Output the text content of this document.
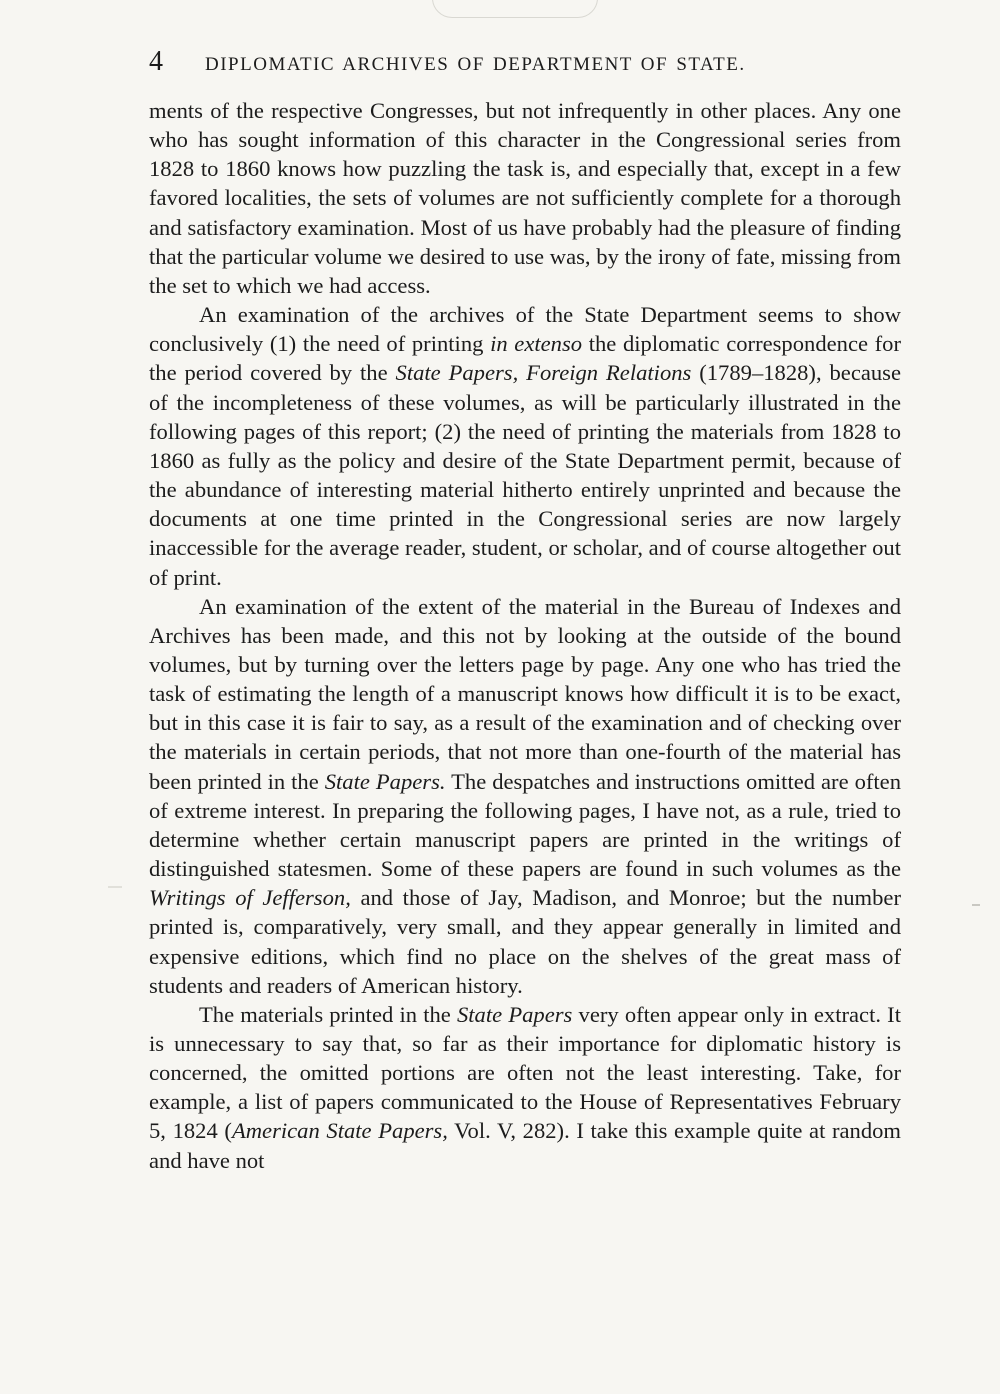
4	DIPLOMATIC ARCHIVES OF DEPARTMENT OF STATE.

ments of the respective Congresses, but not infrequently in other places. Any one who has sought information of this character in the Congressional series from 1828 to 1860 knows how puzzling the task is, and especially that, except in a few favored localities, the sets of volumes are not sufficiently complete for a thorough and satisfactory examination. Most of us have probably had the pleasure of finding that the particular volume we desired to use was, by the irony of fate, missing from the set to which we had access.

An examination of the archives of the State Department seems to show conclusively (1) the need of printing in extenso the diplomatic correspondence for the period covered by the State Papers, Foreign Relations (1789–1828), because of the incompleteness of these volumes, as will be particularly illustrated in the following pages of this report; (2) the need of printing the materials from 1828 to 1860 as fully as the policy and desire of the State Department permit, because of the abundance of interesting material hitherto entirely unprinted and because the documents at one time printed in the Congressional series are now largely inaccessible for the average reader, student, or scholar, and of course altogether out of print.

An examination of the extent of the material in the Bureau of Indexes and Archives has been made, and this not by looking at the outside of the bound volumes, but by turning over the letters page by page. Any one who has tried the task of estimating the length of a manuscript knows how difficult it is to be exact, but in this case it is fair to say, as a result of the examination and of checking over the materials in certain periods, that not more than one-fourth of the material has been printed in the State Papers. The despatches and instructions omitted are often of extreme interest. In preparing the following pages, I have not, as a rule, tried to determine whether certain manuscript papers are printed in the writings of distinguished statesmen. Some of these papers are found in such volumes as the Writings of Jefferson, and those of Jay, Madison, and Monroe; but the number printed is, comparatively, very small, and they appear generally in limited and expensive editions, which find no place on the shelves of the great mass of students and readers of American history.

The materials printed in the State Papers very often appear only in extract. It is unnecessary to say that, so far as their importance for diplomatic history is concerned, the omitted portions are often not the least interesting. Take, for example, a list of papers communicated to the House of Representatives February 5, 1824 (American State Papers, Vol. V, 282). I take this example quite at random and have not
